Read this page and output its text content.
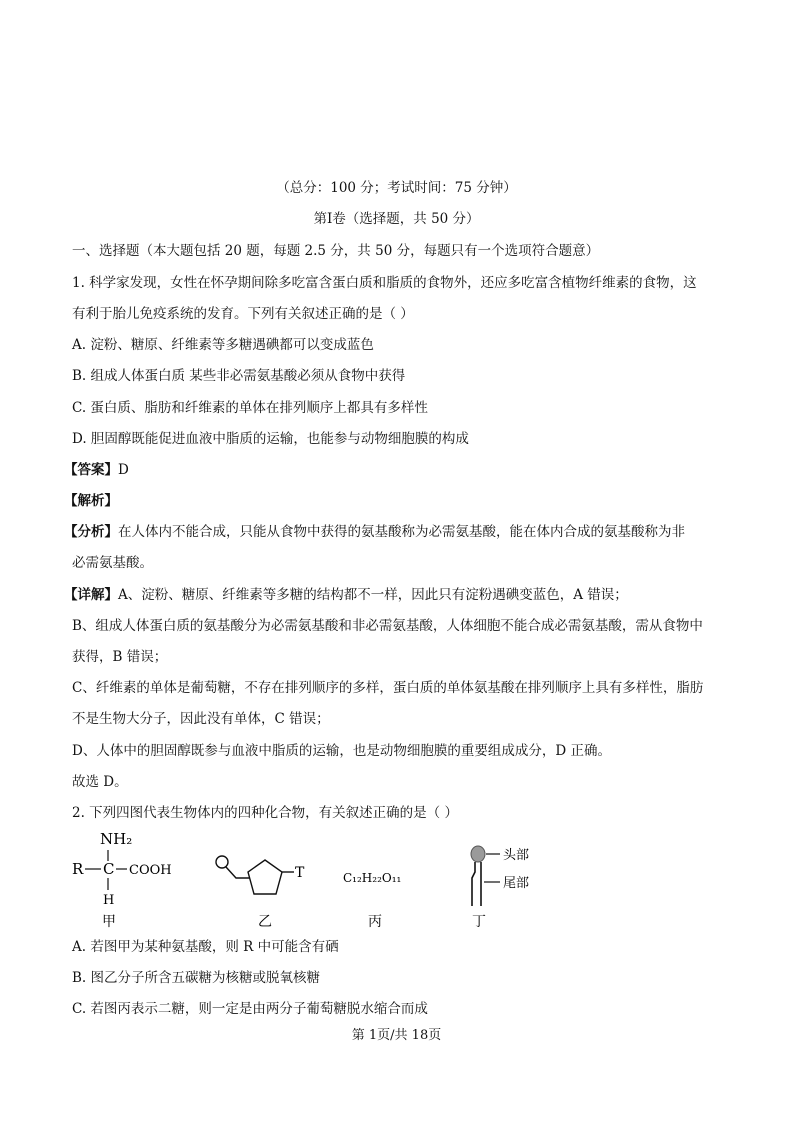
（总分：100 分；考试时间：75 分钟）
第Ⅰ卷（选择题，共 50 分）
一、选择题（本大题包括 20 题，每题 2.5 分，共 50 分，每题只有一个选项符合题意）
1. 科学家发现，女性在怀孕期间除多吃富含蛋白质和脂质的食物外，还应多吃富含植物纤维素的食物，这
有利于胎儿免疫系统的发育。下列有关叙述正确的是（ ）
A. 淀粉、糖原、纤维素等多糖遇碘都可以变成蓝色
B. 组成人体蛋白质 某些非必需氨基酸必须从食物中获得
C. 蛋白质、脂肪和纤维素的单体在排列顺序上都具有多样性
D. 胆固醇既能促进血液中脂质的运输，也能参与动物细胞膜的构成
【答案】D
【解析】
【分析】在人体内不能合成，只能从食物中获得的氨基酸称为必需氨基酸，能在体内合成的氨基酸称为非
必需氨基酸。
【详解】A、淀粉、糖原、纤维素等多糖的结构都不一样，因此只有淀粉遇碘变蓝色，A 错误；
B、组成人体蛋白质的氨基酸分为必需氨基酸和非必需氨基酸，人体细胞不能合成必需氨基酸，需从食物中
获得，B 错误；
C、纤维素的单体是葡萄糖，不存在排列顺序的多样，蛋白质的单体氨基酸在排列顺序上具有多样性，脂肪
不是生物大分子，因此没有单体，C 错误；
D、人体中的胆固醇既参与血液中脂质的运输，也是动物细胞膜的重要组成成分，D 正确。
故选 D。
2. 下列四图代表生物体内的四种化合物，有关叙述正确的是（ ）
NH₂
R C COOH
H
甲
T
乙
C₁₂H₂₂O₁₁
丙
头部
尾部
丁
A. 若图甲为某种氨基酸，则 R 中可能含有硒
B. 图乙分子所含五碳糖为核糖或脱氧核糖
C. 若图丙表示二糖，则一定是由两分子葡萄糖脱水缩合而成
第 1页/共 18页
